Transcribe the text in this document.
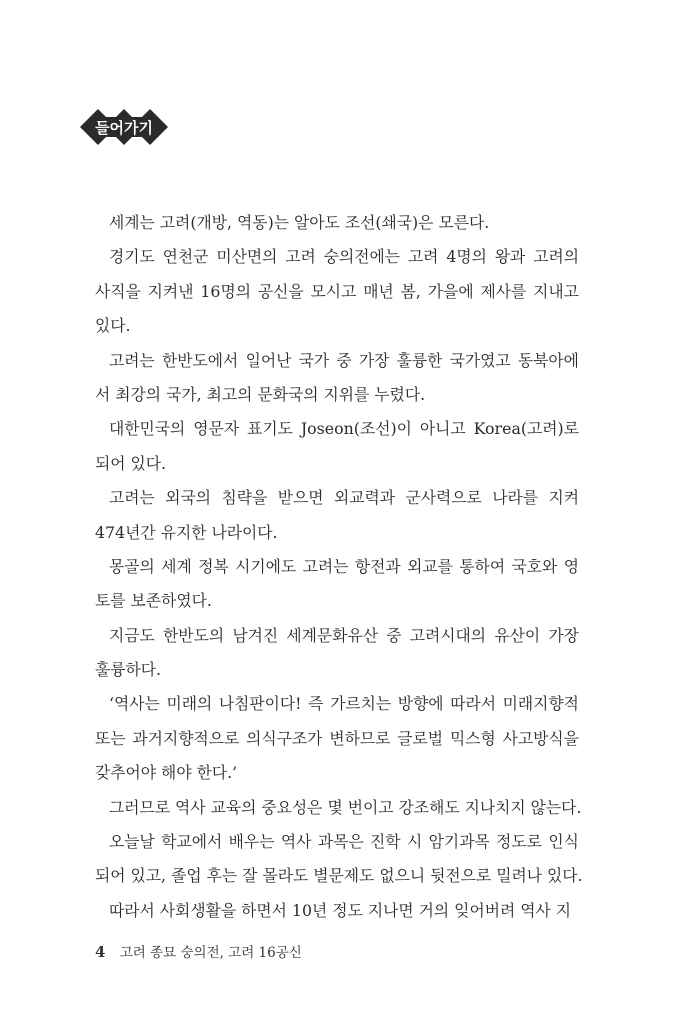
들어가기
세계는 고려(개방, 역동)는 알아도 조선(쇄국)은 모른다.
경기도 연천군 미산면의 고려 숭의전에는 고려 4명의 왕과 고려의
사직을 지켜낸 16명의 공신을 모시고 매년 봄, 가을에 제사를 지내고
있다.
고려는 한반도에서 일어난 국가 중 가장 훌륭한 국가였고 동북아에
서 최강의 국가, 최고의 문화국의 지위를 누렸다.
대한민국의 영문자 표기도 Joseon(조선)이 아니고 Korea(고려)로
되어 있다.
고려는 외국의 침략을 받으면 외교력과 군사력으로 나라를 지켜
474년간 유지한 나라이다.
몽골의 세계 정복 시기에도 고려는 항전과 외교를 통하여 국호와 영
토를 보존하였다.
지금도 한반도의 남겨진 세계문화유산 중 고려시대의 유산이 가장
훌륭하다.
‘역사는 미래의 나침판이다! 즉 가르치는 방향에 따라서 미래지향적
또는 과거지향적으로 의식구조가 변하므로 글로벌 믹스형 사고방식을
갖추어야 해야 한다.’
그러므로 역사 교육의 중요성은 몇 번이고 강조해도 지나치지 않는다.
오늘날 학교에서 배우는 역사 과목은 진학 시 암기과목 정도로 인식
되어 있고, 졸업 후는 잘 몰라도 별문제도 없으니 뒷전으로 밀려나 있다.
따라서 사회생활을 하면서 10년 정도 지나면 거의 잊어버려 역사 지
4 고려 종묘 숭의전, 고려 16공신
